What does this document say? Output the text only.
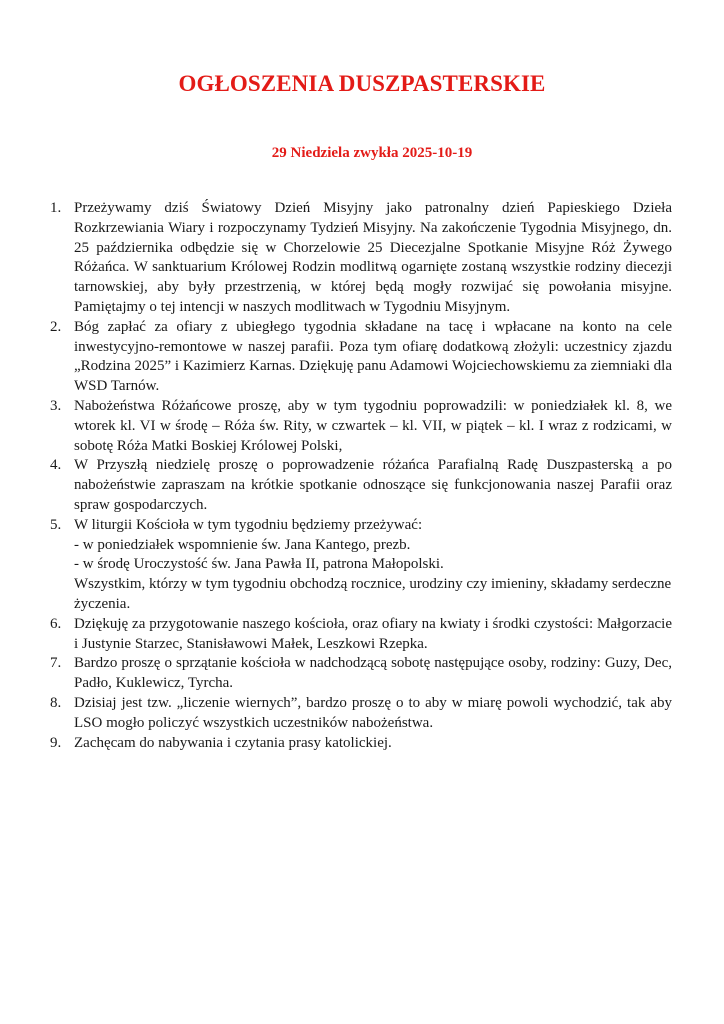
OGŁOSZENIA DUSZPASTERSKIE
29 Niedziela zwykła 2025-10-19
1. Przeżywamy dziś Światowy Dzień Misyjny jako patronalny dzień Papieskiego Dzieła Rozkrzewiania Wiary i rozpoczynamy Tydzień Misyjny. Na zakończenie Tygodnia Misyjnego, dn. 25 października odbędzie się w Chorzelowie 25 Diecezjalne Spotkanie Misyjne Róż Żywego Różańca. W sanktuarium Królowej Rodzin modlitwą ogarnięte zostaną wszystkie rodziny diecezji tarnowskiej, aby były przestrzenią, w której będą mogły rozwijać się powołania misyjne. Pamiętajmy o tej intencji w naszych modlitwach w Tygodniu Misyjnym.
2. Bóg zapłać za ofiary z ubiegłego tygodnia składane na tacę i wpłacane na konto na cele inwestycyjno-remontowe w naszej parafii. Poza tym ofiarę dodatkową złożyli: uczestnicy zjazdu „Rodzina 2025” i Kazimierz Karnas. Dziękuję panu Adamowi Wojciechowskiemu za ziemniaki dla WSD Tarnów.
3. Nabożeństwa Różańcowe proszę, aby w tym tygodniu poprowadzili: w poniedziałek kl. 8, we wtorek kl. VI w środę – Róża św. Rity, w czwartek – kl. VII, w piątek – kl. I wraz z rodzicami, w sobotę Róża Matki Boskiej Królowej Polski,
4. W Przyszłą niedzielę proszę o poprowadzenie różańca Parafialną Radę Duszpasterską a po nabożeństwie zapraszam na krótkie spotkanie odnoszące się funkcjonowania naszej Parafii oraz spraw gospodarczych.
5. W liturgii Kościoła w tym tygodniu będziemy przeżywać:
- w poniedziałek wspomnienie św. Jana Kantego, prezb.
- w środę Uroczystość św. Jana Pawła II, patrona Małopolski.
Wszystkim, którzy w tym tygodniu obchodzą rocznice, urodziny czy imieniny, składamy serdeczne życzenia.
6. Dziękuję za przygotowanie naszego kościoła, oraz ofiary na kwiaty i środki czystości: Małgorzacie i Justynie Starzec, Stanisławowi Małek, Leszkowi Rzepka.
7. Bardzo proszę o sprzątanie kościoła w nadchodzącą sobotę następujące osoby, rodziny: Guzy, Dec, Padło, Kuklewicz, Tyrcha.
8. Dzisiaj jest tzw. „liczenie wiernych”, bardzo proszę o to aby w miarę powoli wychodzić, tak aby LSO mogło policzyć wszystkich uczestników nabożeństwa.
9. Zachęcam do nabywania i czytania prasy katolickiej.
